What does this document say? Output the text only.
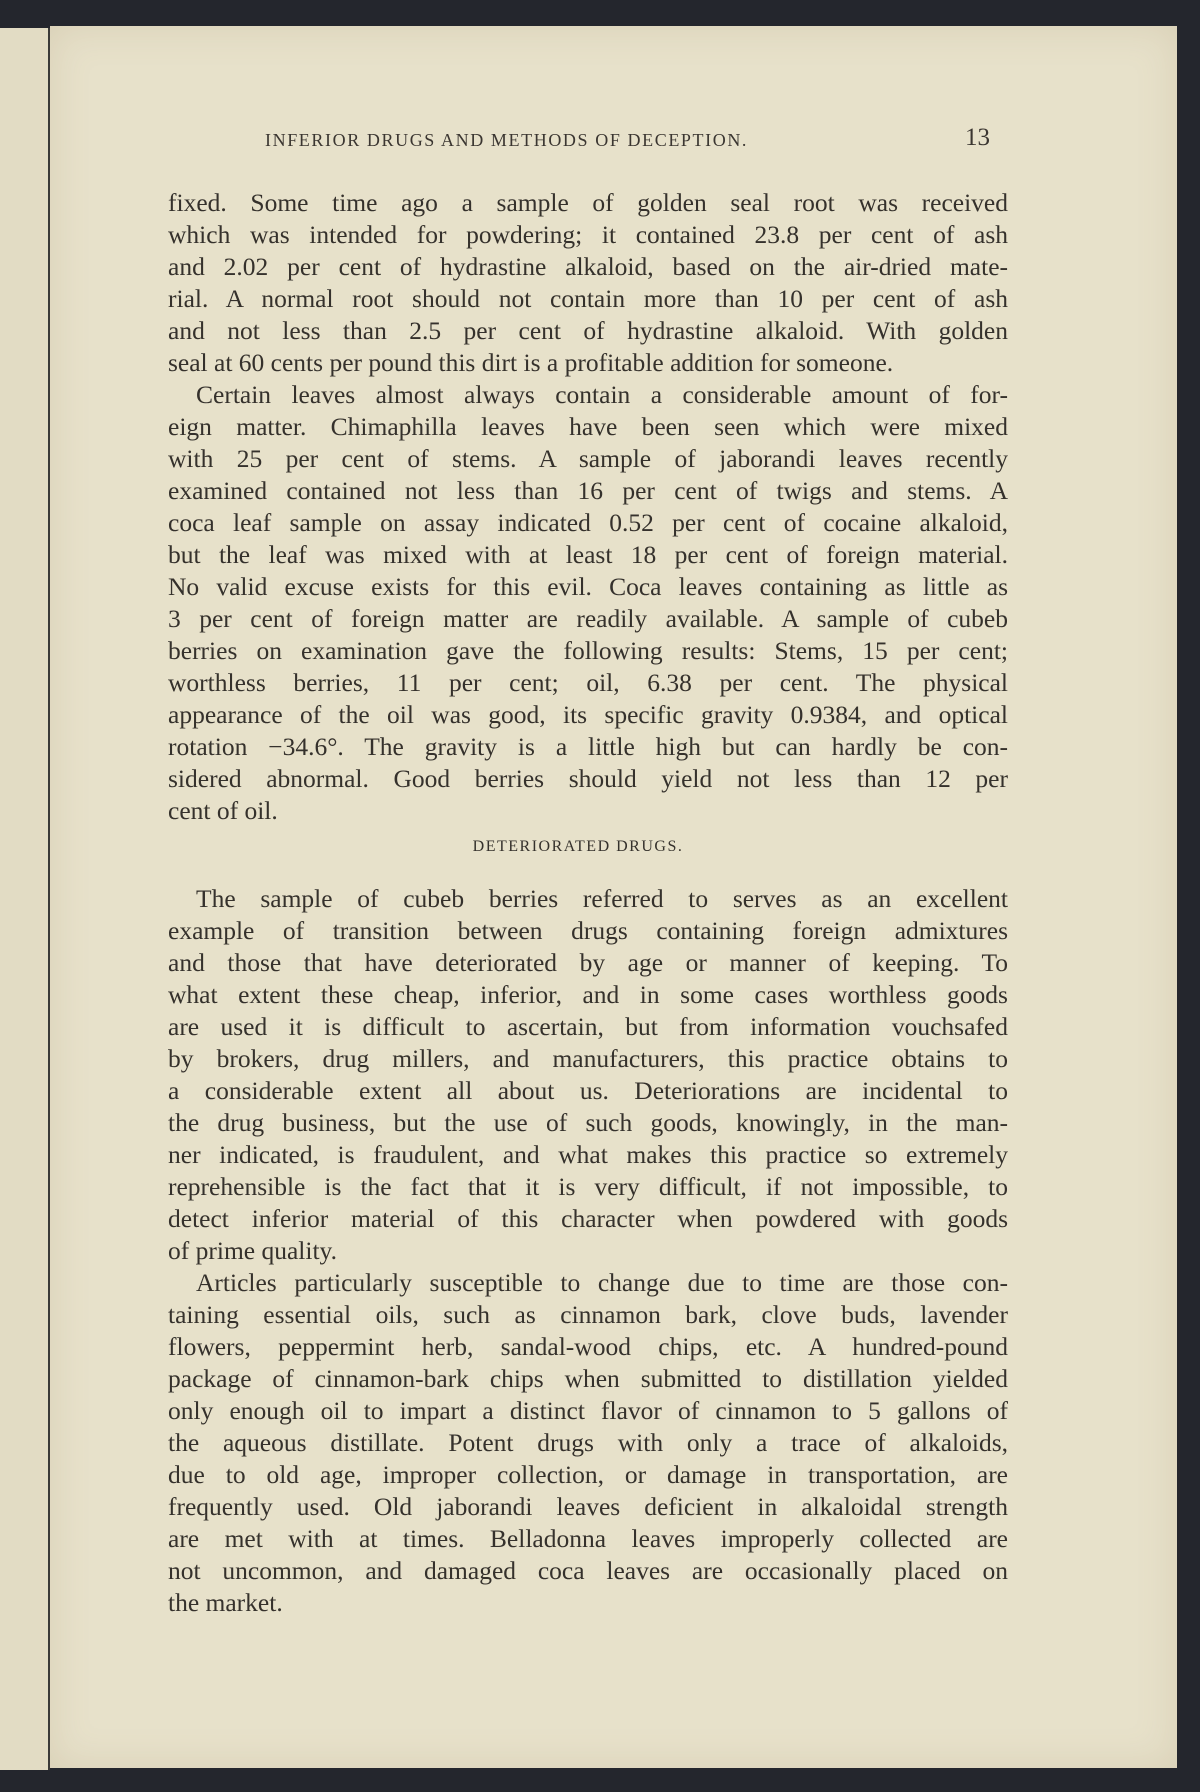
INFERIOR DRUGS AND METHODS OF DECEPTION.	13
fixed. Some time ago a sample of golden seal root was received
which was intended for powdering; it contained 23.8 per cent of ash
and 2.02 per cent of hydrastine alkaloid, based on the air-dried mate-
rial. A normal root should not contain more than 10 per cent of ash
and not less than 2.5 per cent of hydrastine alkaloid. With golden
seal at 60 cents per pound this dirt is a profitable addition for someone.
Certain leaves almost always contain a considerable amount of for-
eign matter. Chimaphilla leaves have been seen which were mixed
with 25 per cent of stems. A sample of jaborandi leaves recently
examined contained not less than 16 per cent of twigs and stems. A
coca leaf sample on assay indicated 0.52 per cent of cocaine alkaloid,
but the leaf was mixed with at least 18 per cent of foreign material.
No valid excuse exists for this evil. Coca leaves containing as little as
3 per cent of foreign matter are readily available. A sample of cubeb
berries on examination gave the following results: Stems, 15 per cent;
worthless berries, 11 per cent; oil, 6.38 per cent. The physical
appearance of the oil was good, its specific gravity 0.9384, and optical
rotation −34.6°. The gravity is a little high but can hardly be con-
sidered abnormal. Good berries should yield not less than 12 per
cent of oil.
DETERIORATED DRUGS.
The sample of cubeb berries referred to serves as an excellent
example of transition between drugs containing foreign admixtures
and those that have deteriorated by age or manner of keeping. To
what extent these cheap, inferior, and in some cases worthless goods
are used it is difficult to ascertain, but from information vouchsafed
by brokers, drug millers, and manufacturers, this practice obtains to
a considerable extent all about us. Deteriorations are incidental to
the drug business, but the use of such goods, knowingly, in the man-
ner indicated, is fraudulent, and what makes this practice so extremely
reprehensible is the fact that it is very difficult, if not impossible, to
detect inferior material of this character when powdered with goods
of prime quality.
Articles particularly susceptible to change due to time are those con-
taining essential oils, such as cinnamon bark, clove buds, lavender
flowers, peppermint herb, sandal-wood chips, etc. A hundred-pound
package of cinnamon-bark chips when submitted to distillation yielded
only enough oil to impart a distinct flavor of cinnamon to 5 gallons of
the aqueous distillate. Potent drugs with only a trace of alkaloids,
due to old age, improper collection, or damage in transportation, are
frequently used. Old jaborandi leaves deficient in alkaloidal strength
are met with at times. Belladonna leaves improperly collected are
not uncommon, and damaged coca leaves are occasionally placed on
the market.
